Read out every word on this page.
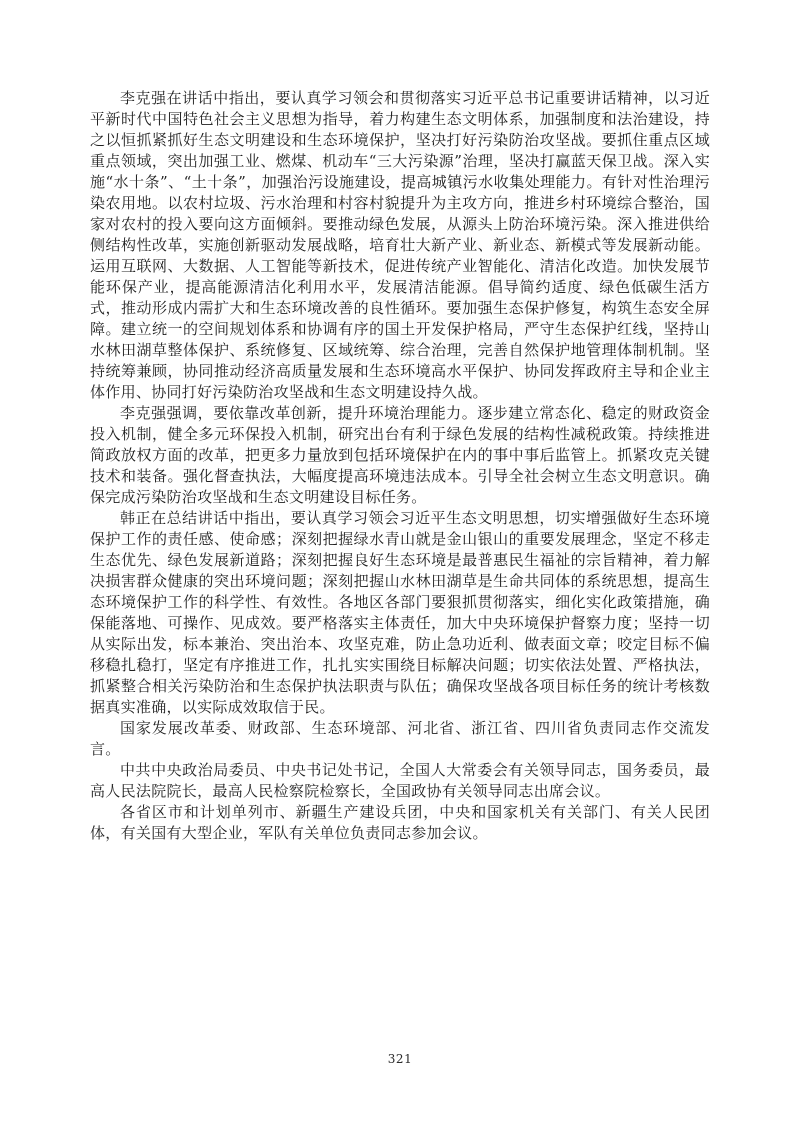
李克强在讲话中指出，要认真学习领会和贯彻落实习近平总书记重要讲话精神，以习近平新时代中国特色社会主义思想为指导，着力构建生态文明体系，加强制度和法治建设，持之以恒抓紧抓好生态文明建设和生态环境保护，坚决打好污染防治攻坚战。要抓住重点区域重点领域，突出加强工业、燃煤、机动车“三大污染源”治理，坚决打赢蓝天保卫战。深入实施“水十条”、“土十条”，加强治污设施建设，提高城镇污水收集处理能力。有针对性治理污染农用地。以农村垃圾、污水治理和村容村貌提升为主攻方向，推进乡村环境综合整治，国家对农村的投入要向这方面倾斜。要推动绿色发展，从源头上防治环境污染。深入推进供给侧结构性改革，实施创新驱动发展战略，培育壮大新产业、新业态、新模式等发展新动能。运用互联网、大数据、人工智能等新技术，促进传统产业智能化、清洁化改造。加快发展节能环保产业，提高能源清洁化利用水平，发展清洁能源。倡导简约适度、绿色低碳生活方式，推动形成内需扩大和生态环境改善的良性循环。要加强生态保护修复，构筑生态安全屏障。建立统一的空间规划体系和协调有序的国土开发保护格局，严守生态保护红线，坚持山水林田湖草整体保护、系统修复、区域统筹、综合治理，完善自然保护地管理体制机制。坚持统筹兼顾，协同推动经济高质量发展和生态环境高水平保护、协同发挥政府主导和企业主体作用、协同打好污染防治攻坚战和生态文明建设持久战。

李克强强调，要依靠改革创新，提升环境治理能力。逐步建立常态化、稳定的财政资金投入机制，健全多元环保投入机制，研究出台有利于绿色发展的结构性减税政策。持续推进简政放权方面的改革，把更多力量放到包括环境保护在内的事中事后监管上。抓紧攻克关键技术和装备。强化督查执法，大幅度提高环境违法成本。引导全社会树立生态文明意识。确保完成污染防治攻坚战和生态文明建设目标任务。

韩正在总结讲话中指出，要认真学习领会习近平生态文明思想，切实增强做好生态环境保护工作的责任感、使命感；深刻把握绿水青山就是金山银山的重要发展理念，坚定不移走生态优先、绿色发展新道路；深刻把握良好生态环境是最普惠民生福祉的宗旨精神，着力解决损害群众健康的突出环境问题；深刻把握山水林田湖草是生命共同体的系统思想，提高生态环境保护工作的科学性、有效性。各地区各部门要狠抓贯彻落实，细化实化政策措施，确保能落地、可操作、见成效。要严格落实主体责任，加大中央环境保护督察力度；坚持一切从实际出发，标本兼治、突出治本、攻坚克难，防止急功近利、做表面文章；咬定目标不偏移稳扎稳打，坚定有序推进工作，扎扎实实围绕目标解决问题；切实依法处置、严格执法，抓紧整合相关污染防治和生态保护执法职责与队伍；确保攻坚战各项目标任务的统计考核数据真实准确，以实际成效取信于民。

国家发展改革委、财政部、生态环境部、河北省、浙江省、四川省负责同志作交流发言。

中共中央政治局委员、中央书记处书记，全国人大常委会有关领导同志，国务委员，最高人民法院院长，最高人民检察院检察长，全国政协有关领导同志出席会议。

各省区市和计划单列市、新疆生产建设兵团，中央和国家机关有关部门、有关人民团体，有关国有大型企业，军队有关单位负责同志参加会议。

321
